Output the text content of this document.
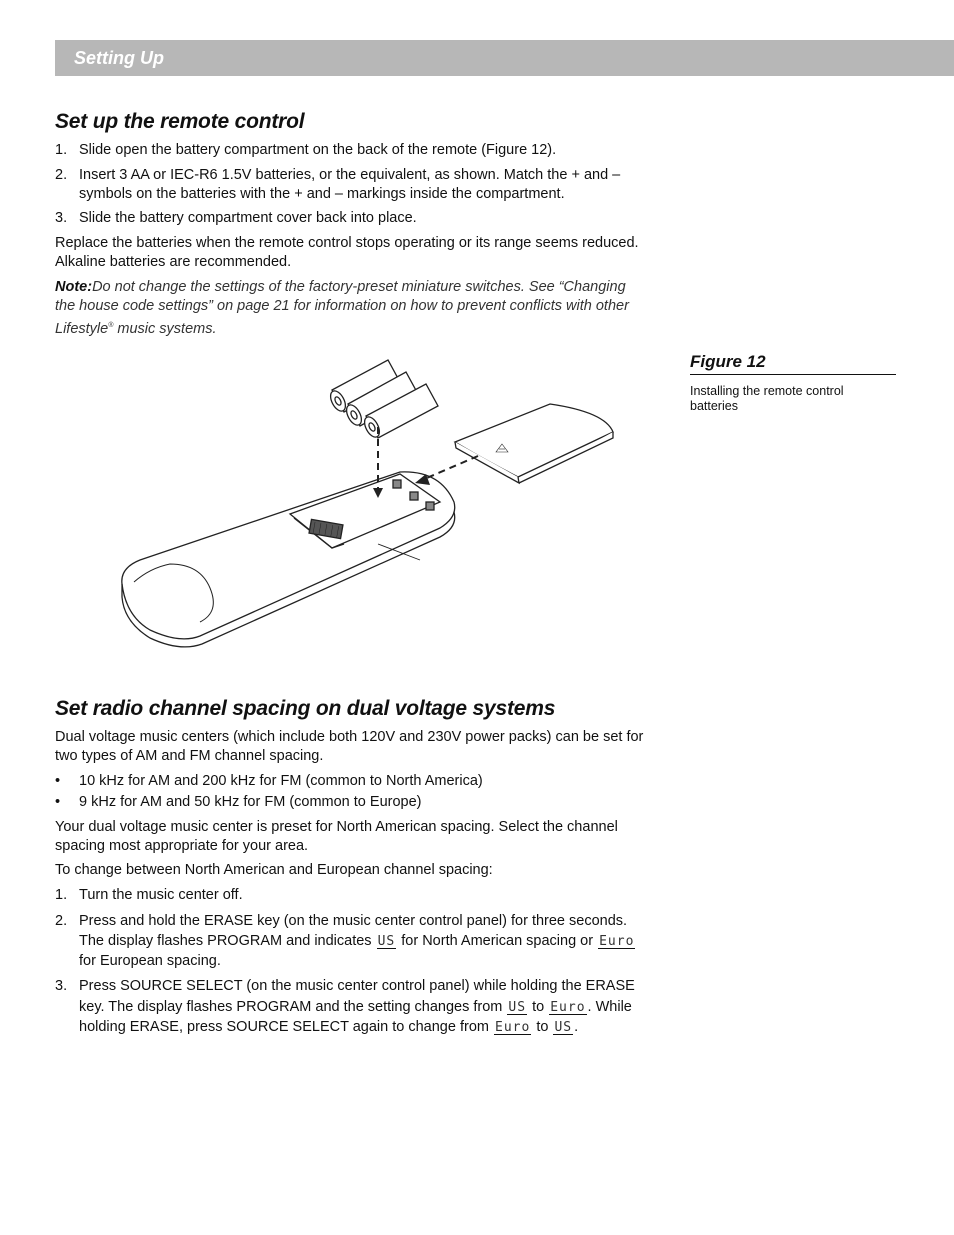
Setting Up
Set up the remote control
1. Slide open the battery compartment on the back of the remote (Figure 12).
2. Insert 3 AA or IEC-R6 1.5V batteries, or the equivalent, as shown. Match the + and –
symbols on the batteries with the + and – markings inside the compartment.
3. Slide the battery compartment cover back into place.

Replace the batteries when the remote control stops operating or its range seems reduced.
Alkaline batteries are recommended.

Note:Do not change the settings of the factory-preset miniature switches. See “Changing
the house code settings” on page 21 for information on how to prevent conflicts with other
Lifestyle® music systems.
Figure 12
Installing the remote control
batteries
Set radio channel spacing on dual voltage systems

Dual voltage music centers (which include both 120V and 230V power packs) can be set for
two types of AM and FM channel spacing.

• 10 kHz for AM and 200 kHz for FM (common to North America)
• 9 kHz for AM and 50 kHz for FM (common to Europe)

Your dual voltage music center is preset for North American spacing. Select the channel
spacing most appropriate for your area.

To change between North American and European channel spacing:

1. Turn the music center off.
2. Press and hold the ERASE key (on the music center control panel) for three seconds.
The display flashes PROGRAM and indicates US for North American spacing or Euro
for European spacing.
3. Press SOURCE SELECT (on the music center control panel) while holding the ERASE
key. The display flashes PROGRAM and the setting changes from US to Euro . While
holding ERASE, press SOURCE SELECT again to change from Euro to US .
